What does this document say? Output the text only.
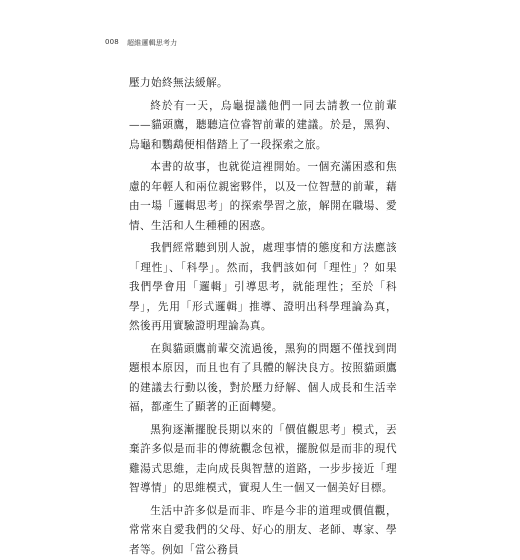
008 超維邏輯思考力

壓力始終無法緩解。

終於有一天，烏龜提議他們一同去請教一位前輩——貓頭鷹，聽聽這位睿智前輩的建議。於是，黑狗、烏龜和鸚鵡便相偕踏上了一段探索之旅。

本書的故事，也就從這裡開始。一個充滿困惑和焦慮的年輕人和兩位親密夥伴，以及一位智慧的前輩，藉由一場「邏輯思考」的探索學習之旅，解開在職場、愛情、生活和人生種種的困惑。

我們經常聽到別人說，處理事情的態度和方法應該「理性」、「科學」。然而，我們該如何「理性」？如果我們學會用「邏輯」引導思考，就能理性；至於「科學」，先用「形式邏輯」推導、證明出科學理論為真，然後再用實驗證明理論為真。

在與貓頭鷹前輩交流過後，黑狗的問題不僅找到問題根本原因，而且也有了具體的解決良方。按照貓頭鷹的建議去行動以後，對於壓力紓解、個人成長和生活幸福，都產生了顯著的正面轉變。

黑狗逐漸擺脫長期以來的「價值觀思考」模式，丟棄許多似是而非的傳統觀念包袱，擺脫似是而非的現代雞湯式思維，走向成長與智慧的道路，一步步接近「理智導情」的思維模式，實現人生一個又一個美好目標。

生活中許多似是而非、昨是今非的道理或價值觀，常常來自愛我們的父母、好心的朋友、老師、專家、學者等。例如「當公務員
